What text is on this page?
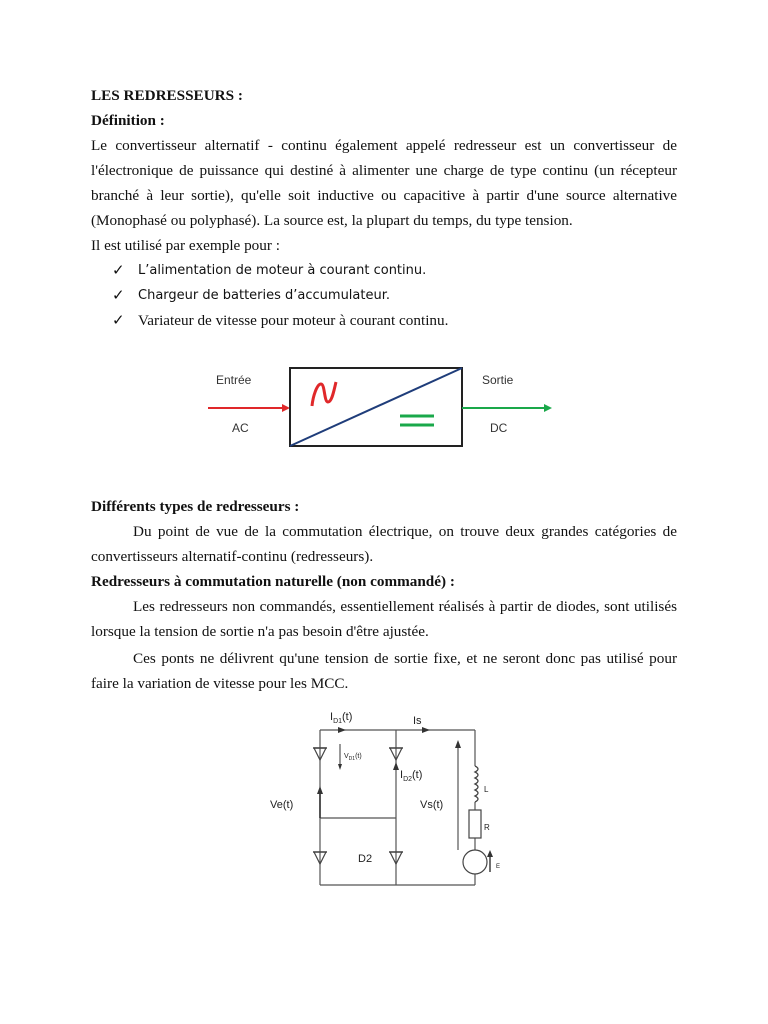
LES REDRESSEURS :
Définition :
Le convertisseur alternatif - continu également appelé redresseur est un convertisseur de
l'électronique de puissance qui destiné à alimenter une charge de type continu (un récepteur
branché à leur sortie), qu'elle soit inductive ou capacitive à partir d'une source alternative
(Monophasé ou polyphasé). La source est, la plupart du temps, du type tension.
Il est utilisé par exemple pour :
✓ L’alimentation de moteur à courant continu.
✓ Chargeur de batteries d’accumulateur.
✓ Variateur de vitesse pour moteur à courant continu.
Entrée
AC
Sortie
DC
Différents types de redresseurs :
Du point de vue de la commutation électrique, on trouve deux grandes catégories de
convertisseurs alternatif-continu (redresseurs).
Redresseurs à commutation naturelle (non commandé) :
Les redresseurs non commandés, essentiellement réalisés à partir de diodes, sont utilisés
lorsque la tension de sortie n'a pas besoin d'être ajustée.
Ces ponts ne délivrent qu'une tension de sortie fixe, et ne seront donc pas utilisé pour
faire la variation de vitesse pour les MCC.
$I_{D1}(t)$	Is
$V_{D1}(t)$
$I_{D2}(t)$
Ve(t)	Vs(t)
D2
L
R
E
